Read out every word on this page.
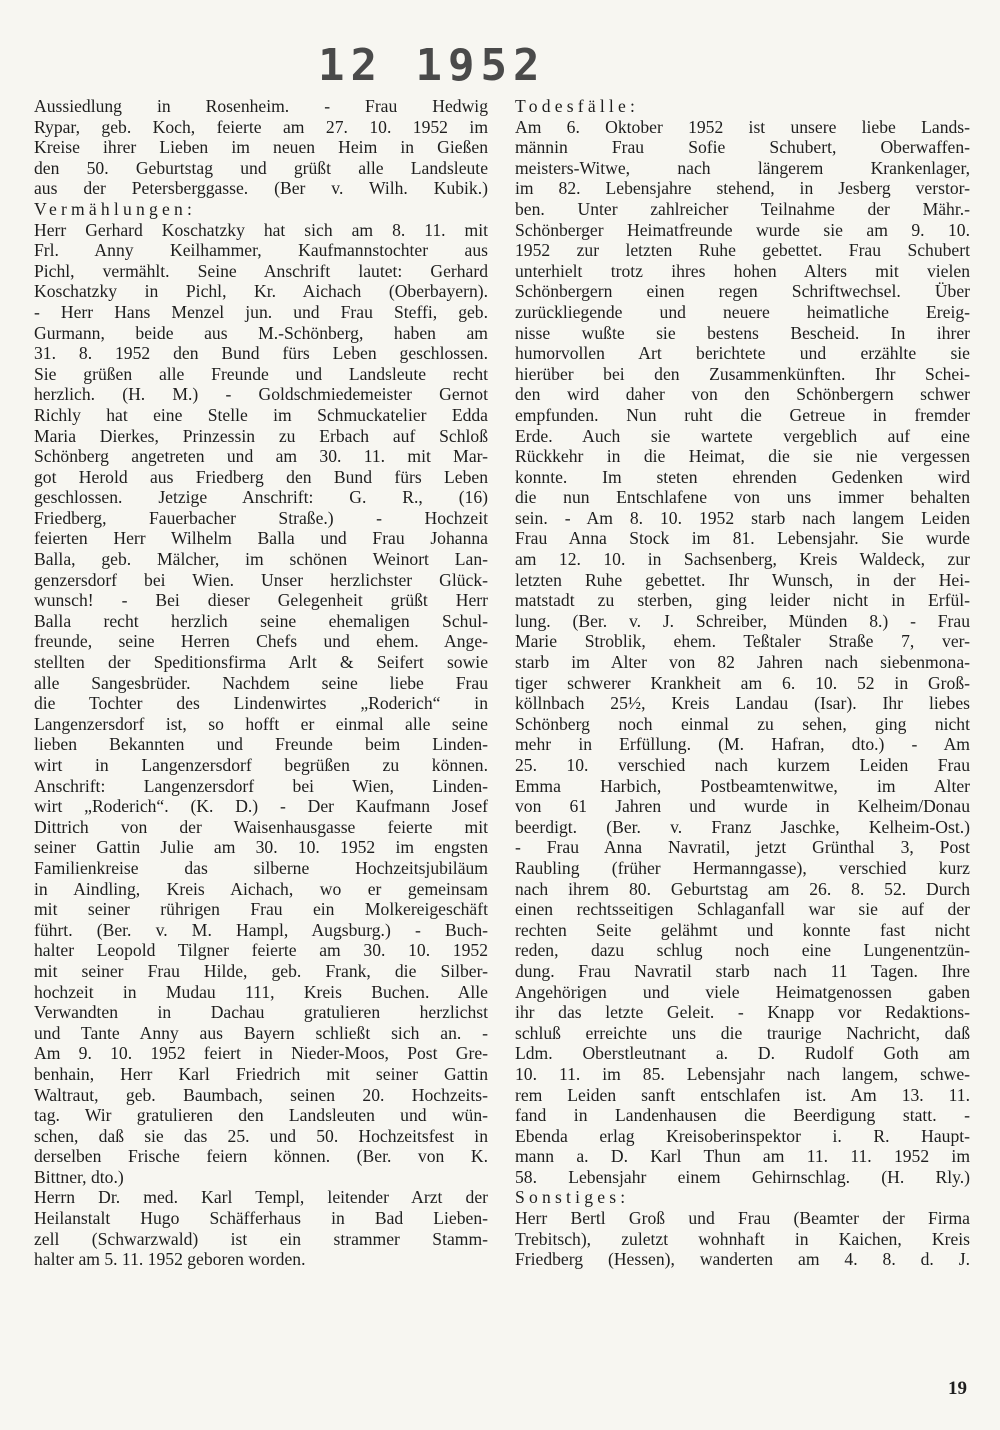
12 1952
Aussiedlung in Rosenheim. - Frau Hedwig
Rypar, geb. Koch, feierte am 27. 10. 1952 im
Kreise ihrer Lieben im neuen Heim in Gießen
den 50. Geburtstag und grüßt alle Landsleute
aus der Petersberggasse. (Ber v. Wilh. Kubik.)
Vermählungen:
Herr Gerhard Koschatzky hat sich am 8. 11. mit
Frl. Anny Keilhammer, Kaufmannstochter aus
Pichl, vermählt. Seine Anschrift lautet: Gerhard
Koschatzky in Pichl, Kr. Aichach (Oberbayern).
- Herr Hans Menzel jun. und Frau Steffi, geb.
Gurmann, beide aus M.-Schönberg, haben am
31. 8. 1952 den Bund fürs Leben geschlossen.
Sie grüßen alle Freunde und Landsleute recht
herzlich. (H. M.) - Goldschmiedemeister Gernot
Richly hat eine Stelle im Schmuckatelier Edda
Maria Dierkes, Prinzessin zu Erbach auf Schloß
Schönberg angetreten und am 30. 11. mit Mar-
got Herold aus Friedberg den Bund fürs Leben
geschlossen. Jetzige Anschrift: G. R., (16)
Friedberg, Fauerbacher Straße.) - Hochzeit
feierten Herr Wilhelm Balla und Frau Johanna
Balla, geb. Mälcher, im schönen Weinort Lan-
genzersdorf bei Wien. Unser herzlichster Glück-
wunsch! - Bei dieser Gelegenheit grüßt Herr
Balla recht herzlich seine ehemaligen Schul-
freunde, seine Herren Chefs und ehem. Ange-
stellten der Speditionsfirma Arlt & Seifert sowie
alle Sangesbrüder. Nachdem seine liebe Frau
die Tochter des Lindenwirtes „Roderich“ in
Langenzersdorf ist, so hofft er einmal alle seine
lieben Bekannten und Freunde beim Linden-
wirt in Langenzersdorf begrüßen zu können.
Anschrift: Langenzersdorf bei Wien, Linden-
wirt „Roderich“. (K. D.) - Der Kaufmann Josef
Dittrich von der Waisenhausgasse feierte mit
seiner Gattin Julie am 30. 10. 1952 im engsten
Familienkreise das silberne Hochzeitsjubiläum
in Aindling, Kreis Aichach, wo er gemeinsam
mit seiner rührigen Frau ein Molkereigeschäft
führt. (Ber. v. M. Hampl, Augsburg.) - Buch-
halter Leopold Tilgner feierte am 30. 10. 1952
mit seiner Frau Hilde, geb. Frank, die Silber-
hochzeit in Mudau 111, Kreis Buchen. Alle
Verwandten in Dachau gratulieren herzlichst
und Tante Anny aus Bayern schließt sich an. -
Am 9. 10. 1952 feiert in Nieder-Moos, Post Gre-
benhain, Herr Karl Friedrich mit seiner Gattin
Waltraut, geb. Baumbach, seinen 20. Hochzeits-
tag. Wir gratulieren den Landsleuten und wün-
schen, daß sie das 25. und 50. Hochzeitsfest in
derselben Frische feiern können. (Ber. von K.
Bittner, dto.)
Herrn Dr. med. Karl Templ, leitender Arzt der
Heilanstalt Hugo Schäfferhaus in Bad Lieben-
zell (Schwarzwald) ist ein strammer Stamm-
halter am 5. 11. 1952 geboren worden.
Todesfälle:
Am 6. Oktober 1952 ist unsere liebe Lands-
männin Frau Sofie Schubert, Oberwaffen-
meisters-Witwe, nach längerem Krankenlager,
im 82. Lebensjahre stehend, in Jesberg verstor-
ben. Unter zahlreicher Teilnahme der Mähr.-
Schönberger Heimatfreunde wurde sie am 9. 10.
1952 zur letzten Ruhe gebettet. Frau Schubert
unterhielt trotz ihres hohen Alters mit vielen
Schönbergern einen regen Schriftwechsel. Über
zurückliegende und neuere heimatliche Ereig-
nisse wußte sie bestens Bescheid. In ihrer
humorvollen Art berichtete und erzählte sie
hierüber bei den Zusammenkünften. Ihr Schei-
den wird daher von den Schönbergern schwer
empfunden. Nun ruht die Getreue in fremder
Erde. Auch sie wartete vergeblich auf eine
Rückkehr in die Heimat, die sie nie vergessen
konnte. Im steten ehrenden Gedenken wird
die nun Entschlafene von uns immer behalten
sein. - Am 8. 10. 1952 starb nach langem Leiden
Frau Anna Stock im 81. Lebensjahr. Sie wurde
am 12. 10. in Sachsenberg, Kreis Waldeck, zur
letzten Ruhe gebettet. Ihr Wunsch, in der Hei-
matstadt zu sterben, ging leider nicht in Erfül-
lung. (Ber. v. J. Schreiber, Münden 8.) - Frau
Marie Stroblik, ehem. Teßtaler Straße 7, ver-
starb im Alter von 82 Jahren nach siebenmona-
tiger schwerer Krankheit am 6. 10. 52 in Groß-
köllnbach 25½, Kreis Landau (Isar). Ihr liebes
Schönberg noch einmal zu sehen, ging nicht
mehr in Erfüllung. (M. Hafran, dto.) - Am
25. 10. verschied nach kurzem Leiden Frau
Emma Harbich, Postbeamtenwitwe, im Alter
von 61 Jahren und wurde in Kelheim/Donau
beerdigt. (Ber. v. Franz Jaschke, Kelheim-Ost.)
- Frau Anna Navratil, jetzt Grünthal 3, Post
Raubling (früher Hermanngasse), verschied kurz
nach ihrem 80. Geburtstag am 26. 8. 52. Durch
einen rechtsseitigen Schlaganfall war sie auf der
rechten Seite gelähmt und konnte fast nicht
reden, dazu schlug noch eine Lungenentzün-
dung. Frau Navratil starb nach 11 Tagen. Ihre
Angehörigen und viele Heimatgenossen gaben
ihr das letzte Geleit. - Knapp vor Redaktions-
schluß erreichte uns die traurige Nachricht, daß
Ldm. Oberstleutnant a. D. Rudolf Goth am
10. 11. im 85. Lebensjahr nach langem, schwe-
rem Leiden sanft entschlafen ist. Am 13. 11.
fand in Landenhausen die Beerdigung statt. -
Ebenda erlag Kreisoberinspektor i. R. Haupt-
mann a. D. Karl Thun am 11. 11. 1952 im
58. Lebensjahr einem Gehirnschlag. (H. Rly.)
Sonstiges:
Herr Bertl Groß und Frau (Beamter der Firma
Trebitsch), zuletzt wohnhaft in Kaichen, Kreis
Friedberg (Hessen), wanderten am 4. 8. d. J.
19
